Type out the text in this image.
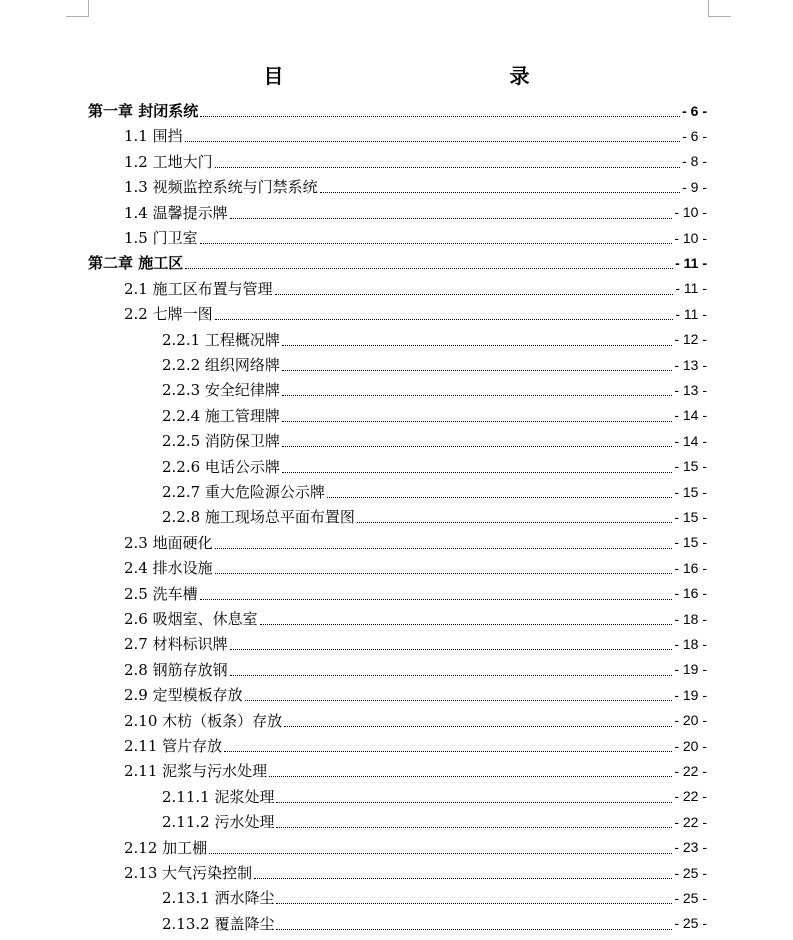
目　　录
第一章 封闭系统	- 6 -
1.1 围挡	- 6 -
1.2 工地大门	- 8 -
1.3 视频监控系统与门禁系统	- 9 -
1.4 温馨提示牌	- 10 -
1.5 门卫室	- 10 -
第二章 施工区	- 11 -
2.1 施工区布置与管理	- 11 -
2.2 七牌一图	- 11 -
2.2.1 工程概况牌	- 12 -
2.2.2 组织网络牌	- 13 -
2.2.3 安全纪律牌	- 13 -
2.2.4 施工管理牌	- 14 -
2.2.5 消防保卫牌	- 14 -
2.2.6 电话公示牌	- 15 -
2.2.7 重大危险源公示牌	- 15 -
2.2.8 施工现场总平面布置图	- 15 -
2.3 地面硬化	- 15 -
2.4 排水设施	- 16 -
2.5 洗车槽	- 16 -
2.6 吸烟室、休息室	- 18 -
2.7 材料标识牌	- 18 -
2.8 钢筋存放钢	- 19 -
2.9 定型模板存放	- 19 -
2.10 木枋（板条）存放	- 20 -
2.11 管片存放	- 20 -
2.11 泥浆与污水处理	- 22 -
2.11.1 泥浆处理	- 22 -
2.11.2 污水处理	- 22 -
2.12 加工棚	- 23 -
2.13 大气污染控制	- 25 -
2.13.1 洒水降尘	- 25 -
2.13.2 覆盖降尘	- 25 -
